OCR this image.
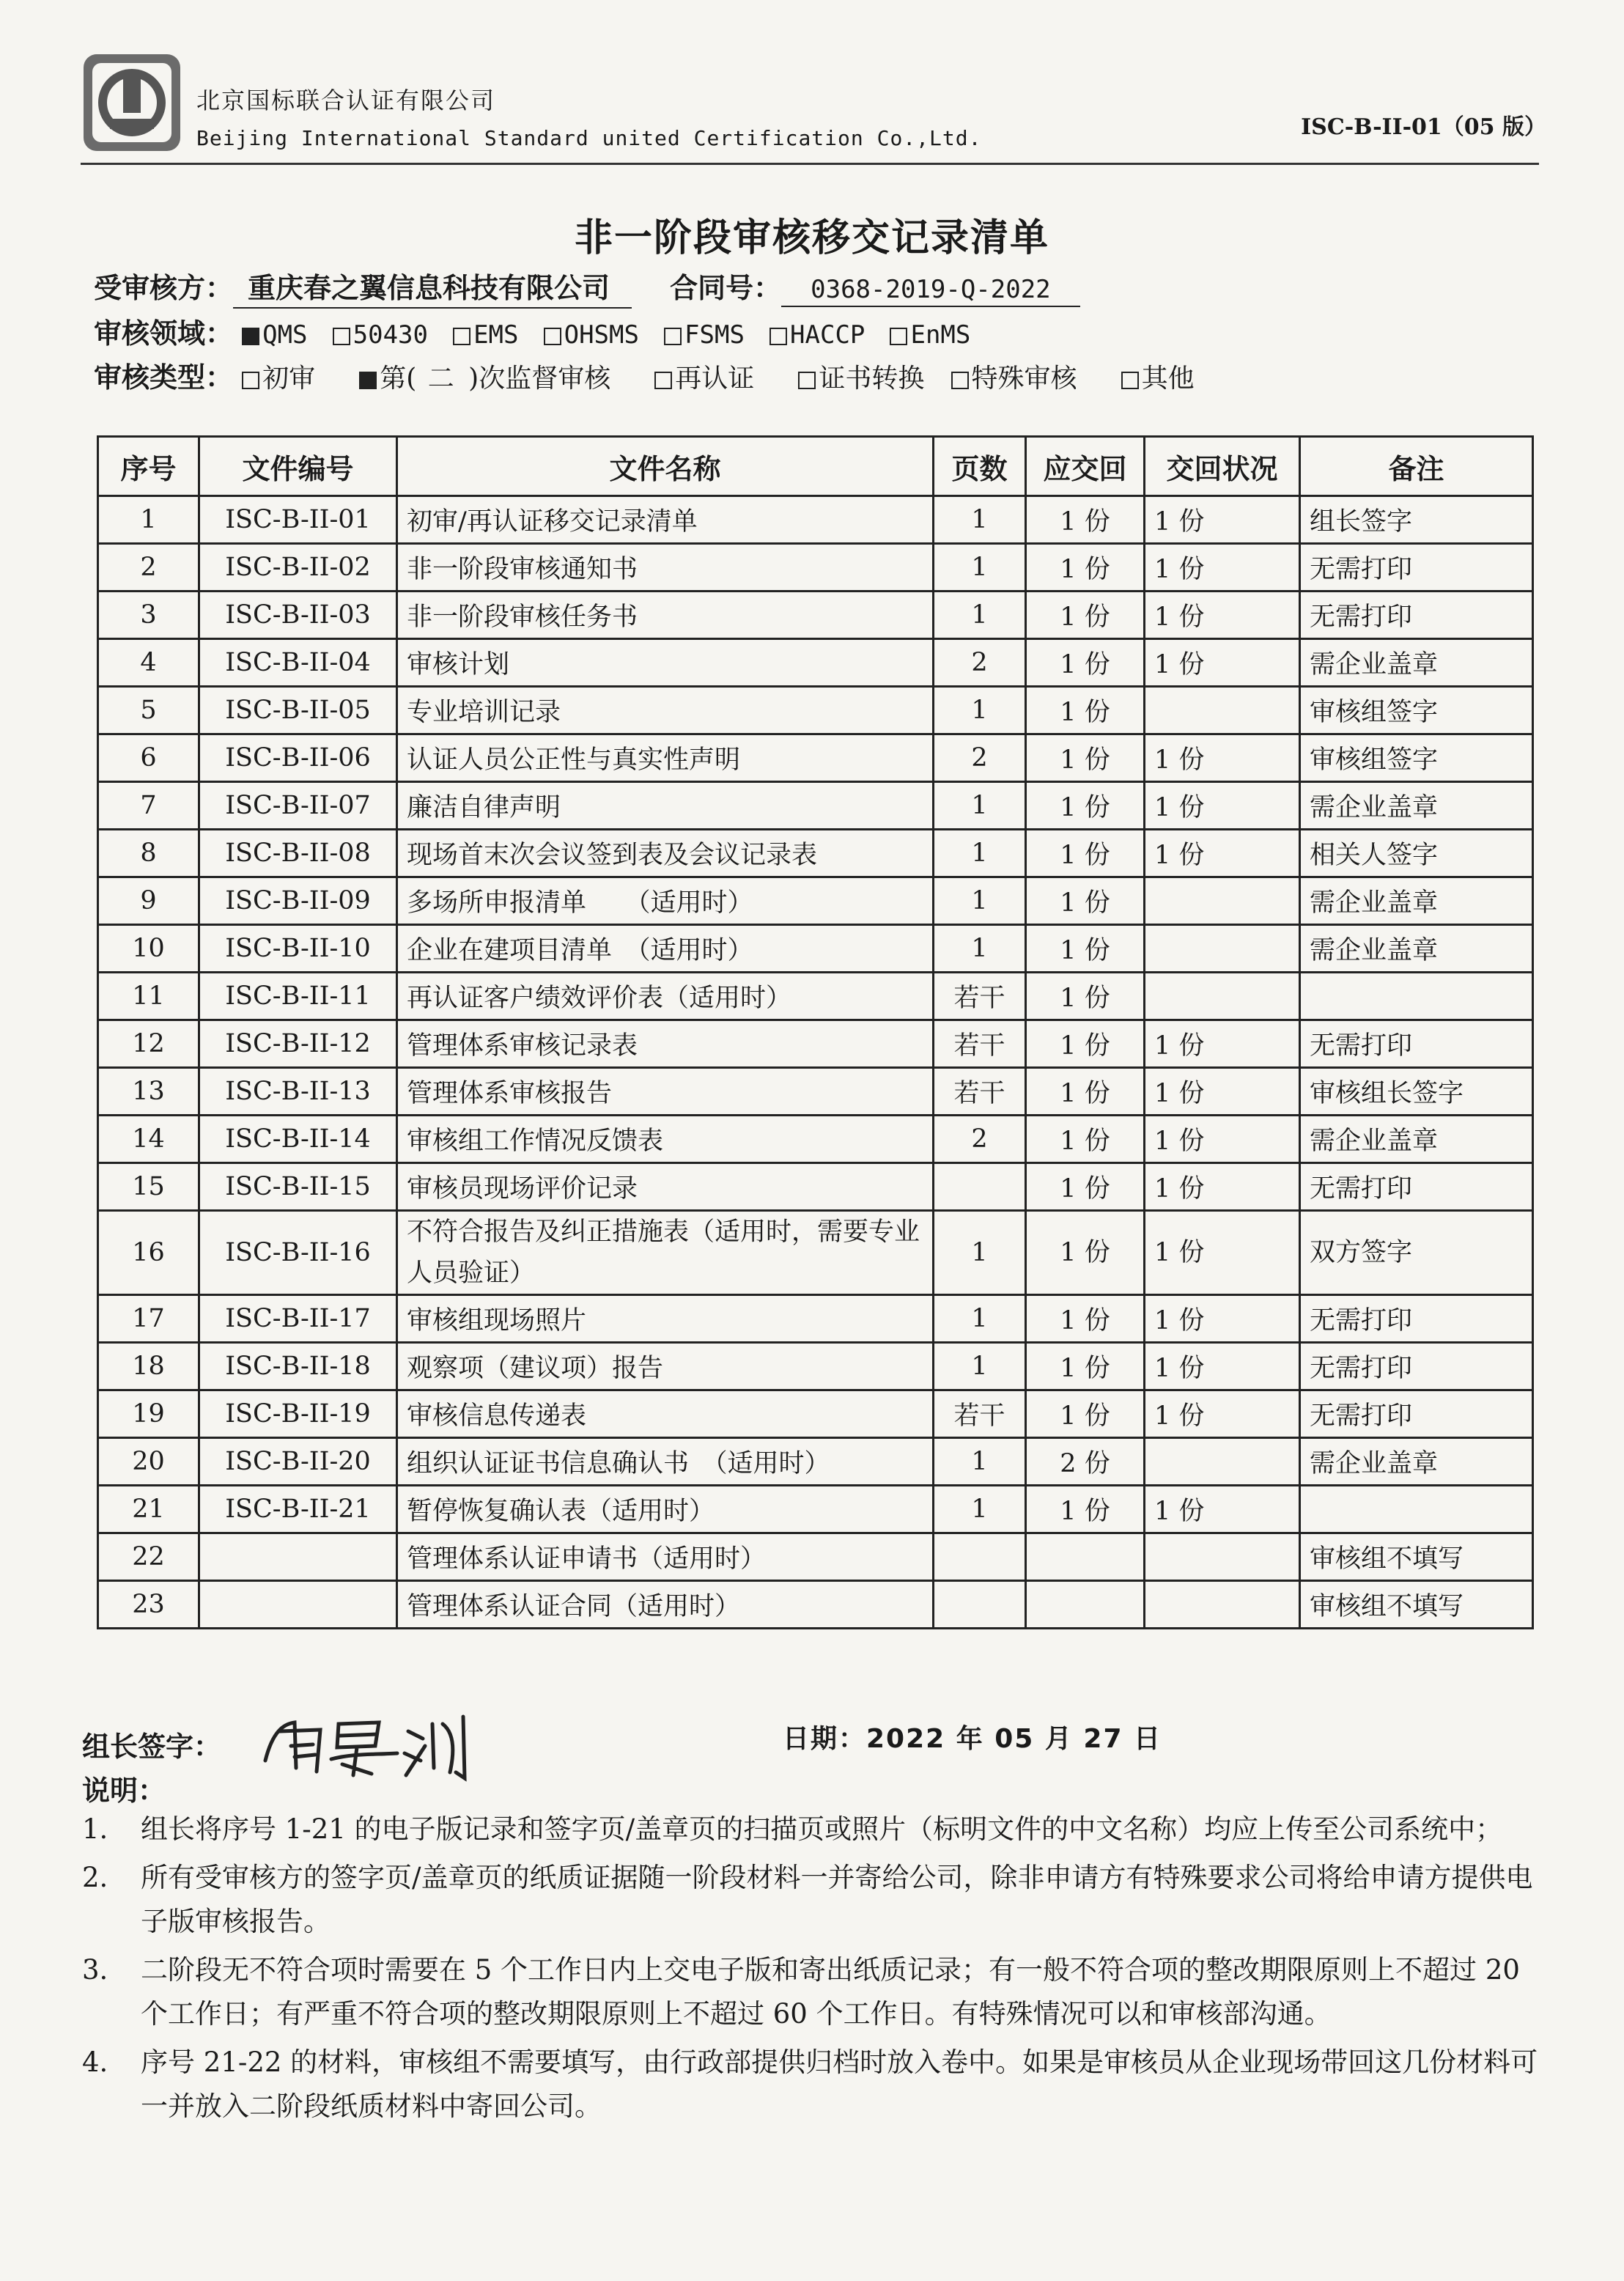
北京国标联合认证有限公司
Beijing International Standard united Certification Co.,Ltd.	ISC-B-II-01（05 版）
非一阶段审核移交记录清单
受审核方： 重庆春之翼信息科技有限公司 合同号： 0368-2019-Q-2022
审核领域： QMS 50430 EMS OHSMS FSMS HACCP EnMS
审核类型： 初审 第( 二 )次监督审核 再认证 证书转换 特殊审核 其他
序号	文件编号	文件名称	页数	应交回	交回状况	备注
1	ISC-B-II-01	初审/再认证移交记录清单	1	1 份	1 份	组长签字
2	ISC-B-II-02	非一阶段审核通知书	1	1 份	1 份	无需打印
3	ISC-B-II-03	非一阶段审核任务书	1	1 份	1 份	无需打印
4	ISC-B-II-04	审核计划	2	1 份	1 份	需企业盖章
5	ISC-B-II-05	专业培训记录	1	1 份		审核组签字
6	ISC-B-II-06	认证人员公正性与真实性声明	2	1 份	1 份	审核组签字
7	ISC-B-II-07	廉洁自律声明	1	1 份	1 份	需企业盖章
8	ISC-B-II-08	现场首末次会议签到表及会议记录表	1	1 份	1 份	相关人签字
9	ISC-B-II-09	多场所申报清单　　（适用时）	1	1 份		需企业盖章
10	ISC-B-II-10	企业在建项目清单　（适用时）	1	1 份		需企业盖章
11	ISC-B-II-11	再认证客户绩效评价表（适用时）	若干	1 份		
12	ISC-B-II-12	管理体系审核记录表	若干	1 份	1 份	无需打印
13	ISC-B-II-13	管理体系审核报告	若干	1 份	1 份	审核组长签字
14	ISC-B-II-14	审核组工作情况反馈表	2	1 份	1 份	需企业盖章
15	ISC-B-II-15	审核员现场评价记录		1 份	1 份	无需打印
16	ISC-B-II-16	不符合报告及纠正措施表（适用时，需要专业人员验证）	1	1 份	1 份	双方签字
17	ISC-B-II-17	审核组现场照片	1	1 份	1 份	无需打印
18	ISC-B-II-18	观察项（建议项）报告	1	1 份	1 份	无需打印
19	ISC-B-II-19	审核信息传递表	若干	1 份	1 份	无需打印
20	ISC-B-II-20	组织认证证书信息确认书　（适用时）	1	2 份		需企业盖章
21	ISC-B-II-21	暂停恢复确认表（适用时）	1	1 份	1 份	
22		管理体系认证申请书（适用时）				审核组不填写
23		管理体系认证合同（适用时）				审核组不填写
组长签字：	日期：2022 年 05 月 27 日
说明：
1. 组长将序号 1-21 的电子版记录和签字页/盖章页的扫描页或照片（标明文件的中文名称）均应上传至公司系统中；
2. 所有受审核方的签字页/盖章页的纸质证据随一阶段材料一并寄给公司，除非申请方有特殊要求公司将给申请方提供电子版审核报告。
3. 二阶段无不符合项时需要在 5 个工作日内上交电子版和寄出纸质记录；有一般不符合项的整改期限原则上不超过 20 个工作日；有严重不符合项的整改期限原则上不超过 60 个工作日。有特殊情况可以和审核部沟通。
4. 序号 21-22 的材料，审核组不需要填写，由行政部提供归档时放入卷中。如果是审核员从企业现场带回这几份材料可一并放入二阶段纸质材料中寄回公司。
